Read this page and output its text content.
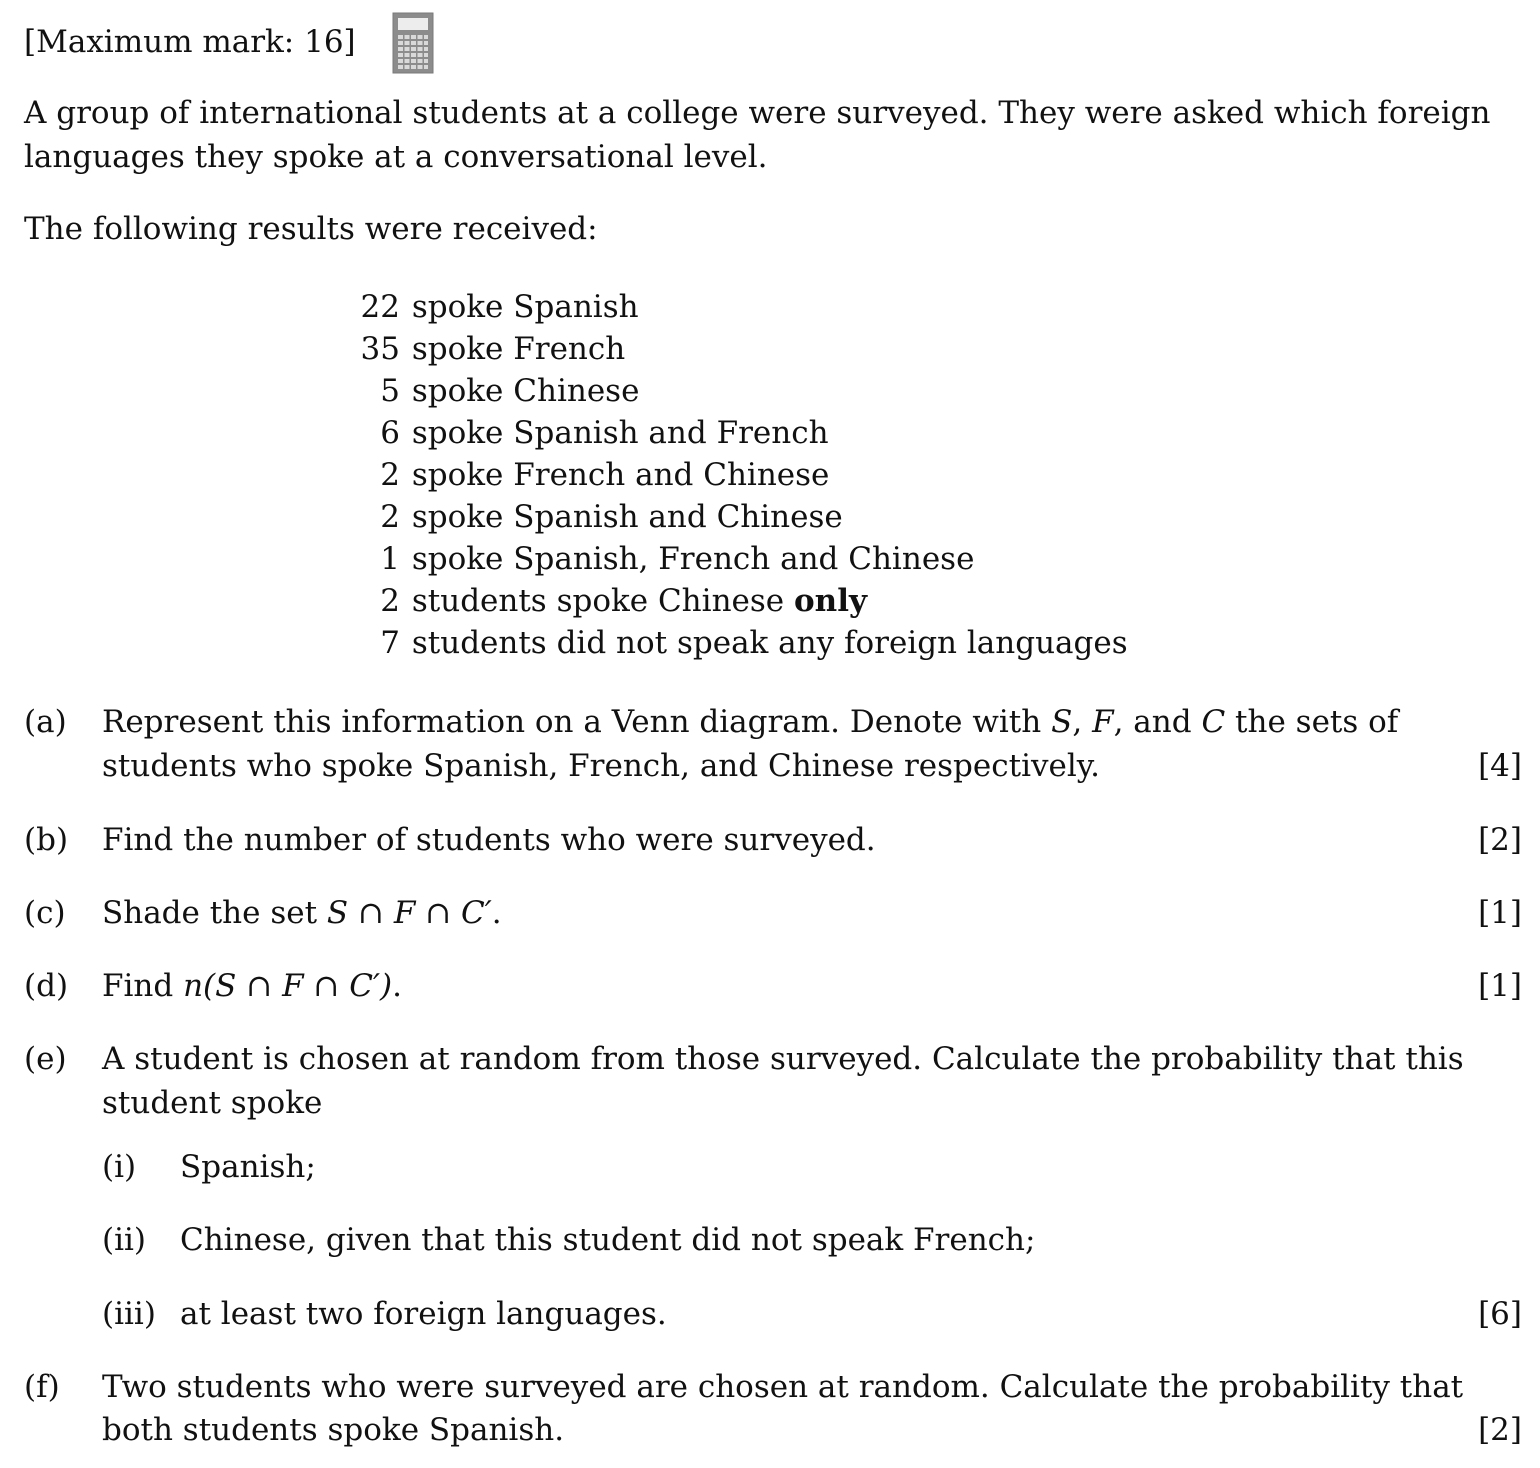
[Maximum mark: 16]
A group of international students at a college were surveyed. They were asked which foreign
languages they spoke at a conversational level.
The following results were received:
22 spoke Spanish
35 spoke French
5 spoke Chinese
6 spoke Spanish and French
2 spoke French and Chinese
2 spoke Spanish and Chinese
1 spoke Spanish, French and Chinese
2 students spoke Chinese only
7 students did not speak any foreign languages
(a) Represent this information on a Venn diagram. Denote with S, F, and C the sets of
students who spoke Spanish, French, and Chinese respectively.	[4]
(b) Find the number of students who were surveyed.	[2]
(c) Shade the set S ∩ F ∩ C′.	[1]
(d) Find n(S ∩ F ∩ C′).	[1]
(e) A student is chosen at random from those surveyed. Calculate the probability that this
student spoke
(i) Spanish;
(ii) Chinese, given that this student did not speak French;
(iii) at least two foreign languages.	[6]
(f) Two students who were surveyed are chosen at random. Calculate the probability that
both students spoke Spanish.	[2]
